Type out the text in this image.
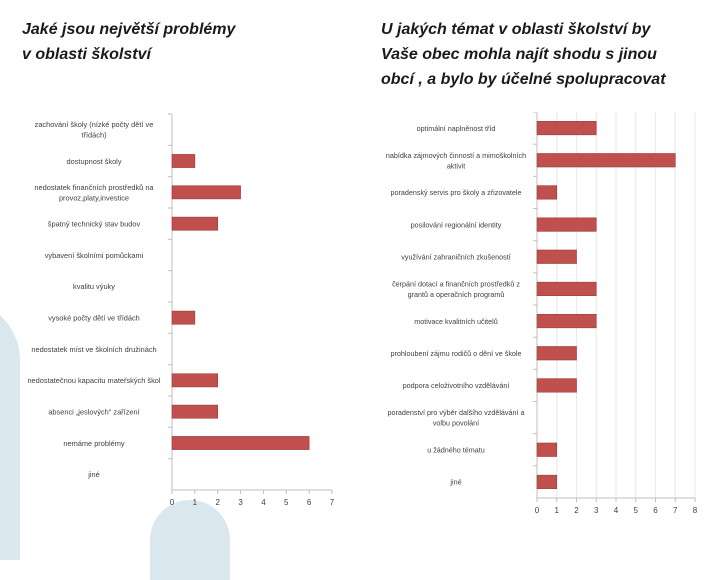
Jaké jsou největší problémy
v oblasti školství
U jakých témat v oblasti školství by
Vaše obec mohla najít shodu s jinou
obcí , a bylo by účelné spolupracovat
zachování školy (nízké počty dětí ve
třídách)
dostupnost školy
nedostatek finančních prostředků na
provoz,platy,investice
špatný technický stav budov
vybavení školními pomůckami
kvalitu výuky
vysoké počty dětí ve třídách
nedostatek míst ve školních družinách
nedostatečnou kapacitu mateřských škol
absenci „jeslových" zařízení
nemáme problémy
jiné
0 1 2 3 4 5 6 7
optimální naplněnost tříd
nabídka zájmových činností a mimoškolních
aktivit
poradenský servis pro školy a zřizovatele
posilování regionální identity
využívání zahraničních zkušeností
čerpání dotací a finančních prostředků z
grantů a operačních programů
motivace kvalitních učitelů
prohloubení zájmu rodičů o dění ve škole
podpora celoživotního vzdělávání
poradenství pro výběr dalšího vzdělávání a
volbu povolání
u žádného tématu
jiné
0 1 2 3 4 5 6 7 8
